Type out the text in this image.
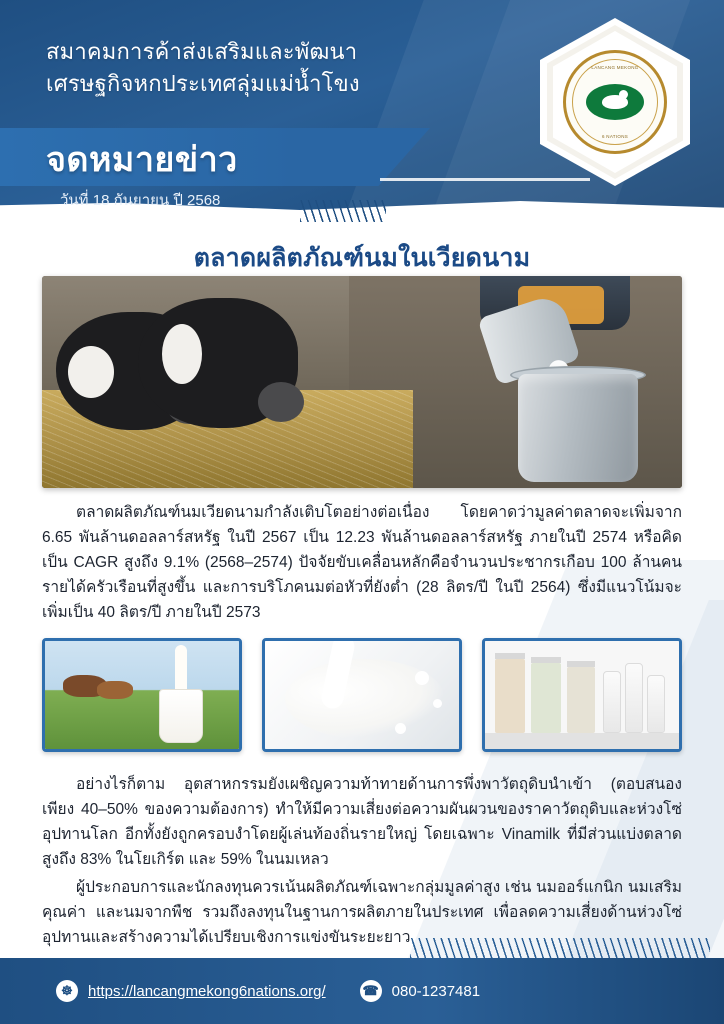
สมาคมการค้าส่งเสริมและพัฒนา
เศรษฐกิจหกประเทศลุ่มแม่น้ำโขง
LANCANG MEKONG
6 NATIONS
จดหมายข่าว
วันที่ 18 กันยายน ปี 2568
ตลาดผลิตภัณฑ์นมในเวียดนาม
ตลาดผลิตภัณฑ์นมเวียดนามกำลังเติบโตอย่างต่อเนื่อง โดยคาดว่ามูลค่าตลาดจะเพิ่มจาก 6.65 พันล้านดอลลาร์สหรัฐ ในปี 2567 เป็น 12.23 พันล้านดอลลาร์สหรัฐ ภายในปี 2574 หรือคิดเป็น CAGR สูงถึง 9.1% (2568–2574) ปัจจัยขับเคลื่อนหลักคือจำนวนประชากรเกือบ 100 ล้านคน รายได้ครัวเรือนที่สูงขึ้น และการบริโภคนมต่อหัวที่ยังต่ำ (28 ลิตร/ปี ในปี 2564) ซึ่งมีแนวโน้มจะเพิ่มเป็น 40 ลิตร/ปี ภายในปี 2573
อย่างไรก็ตาม อุตสาหกรรมยังเผชิญความท้าทายด้านการพึ่งพาวัตถุดิบนำเข้า (ตอบสนองเพียง 40–50% ของความต้องการ) ทำให้มีความเสี่ยงต่อความผันผวนของราคาวัตถุดิบและห่วงโซ่อุปทานโลก อีกทั้งยังถูกครอบงำโดยผู้เล่นท้องถิ่นรายใหญ่ โดยเฉพาะ Vinamilk ที่มีส่วนแบ่งตลาดสูงถึง 83% ในโยเกิร์ต และ 59% ในนมเหลว
ผู้ประกอบการและนักลงทุนควรเน้นผลิตภัณฑ์เฉพาะกลุ่มมูลค่าสูง เช่น นมออร์แกนิก นมเสริมคุณค่า และนมจากพืช รวมถึงลงทุนในฐานการผลิตภายในประเทศ เพื่อลดความเสี่ยงด้านห่วงโซ่อุปทานและสร้างความได้เปรียบเชิงการแข่งขันระยะยาว
☸	https://lancangmekong6nations.org/	☎ 080-1237481
